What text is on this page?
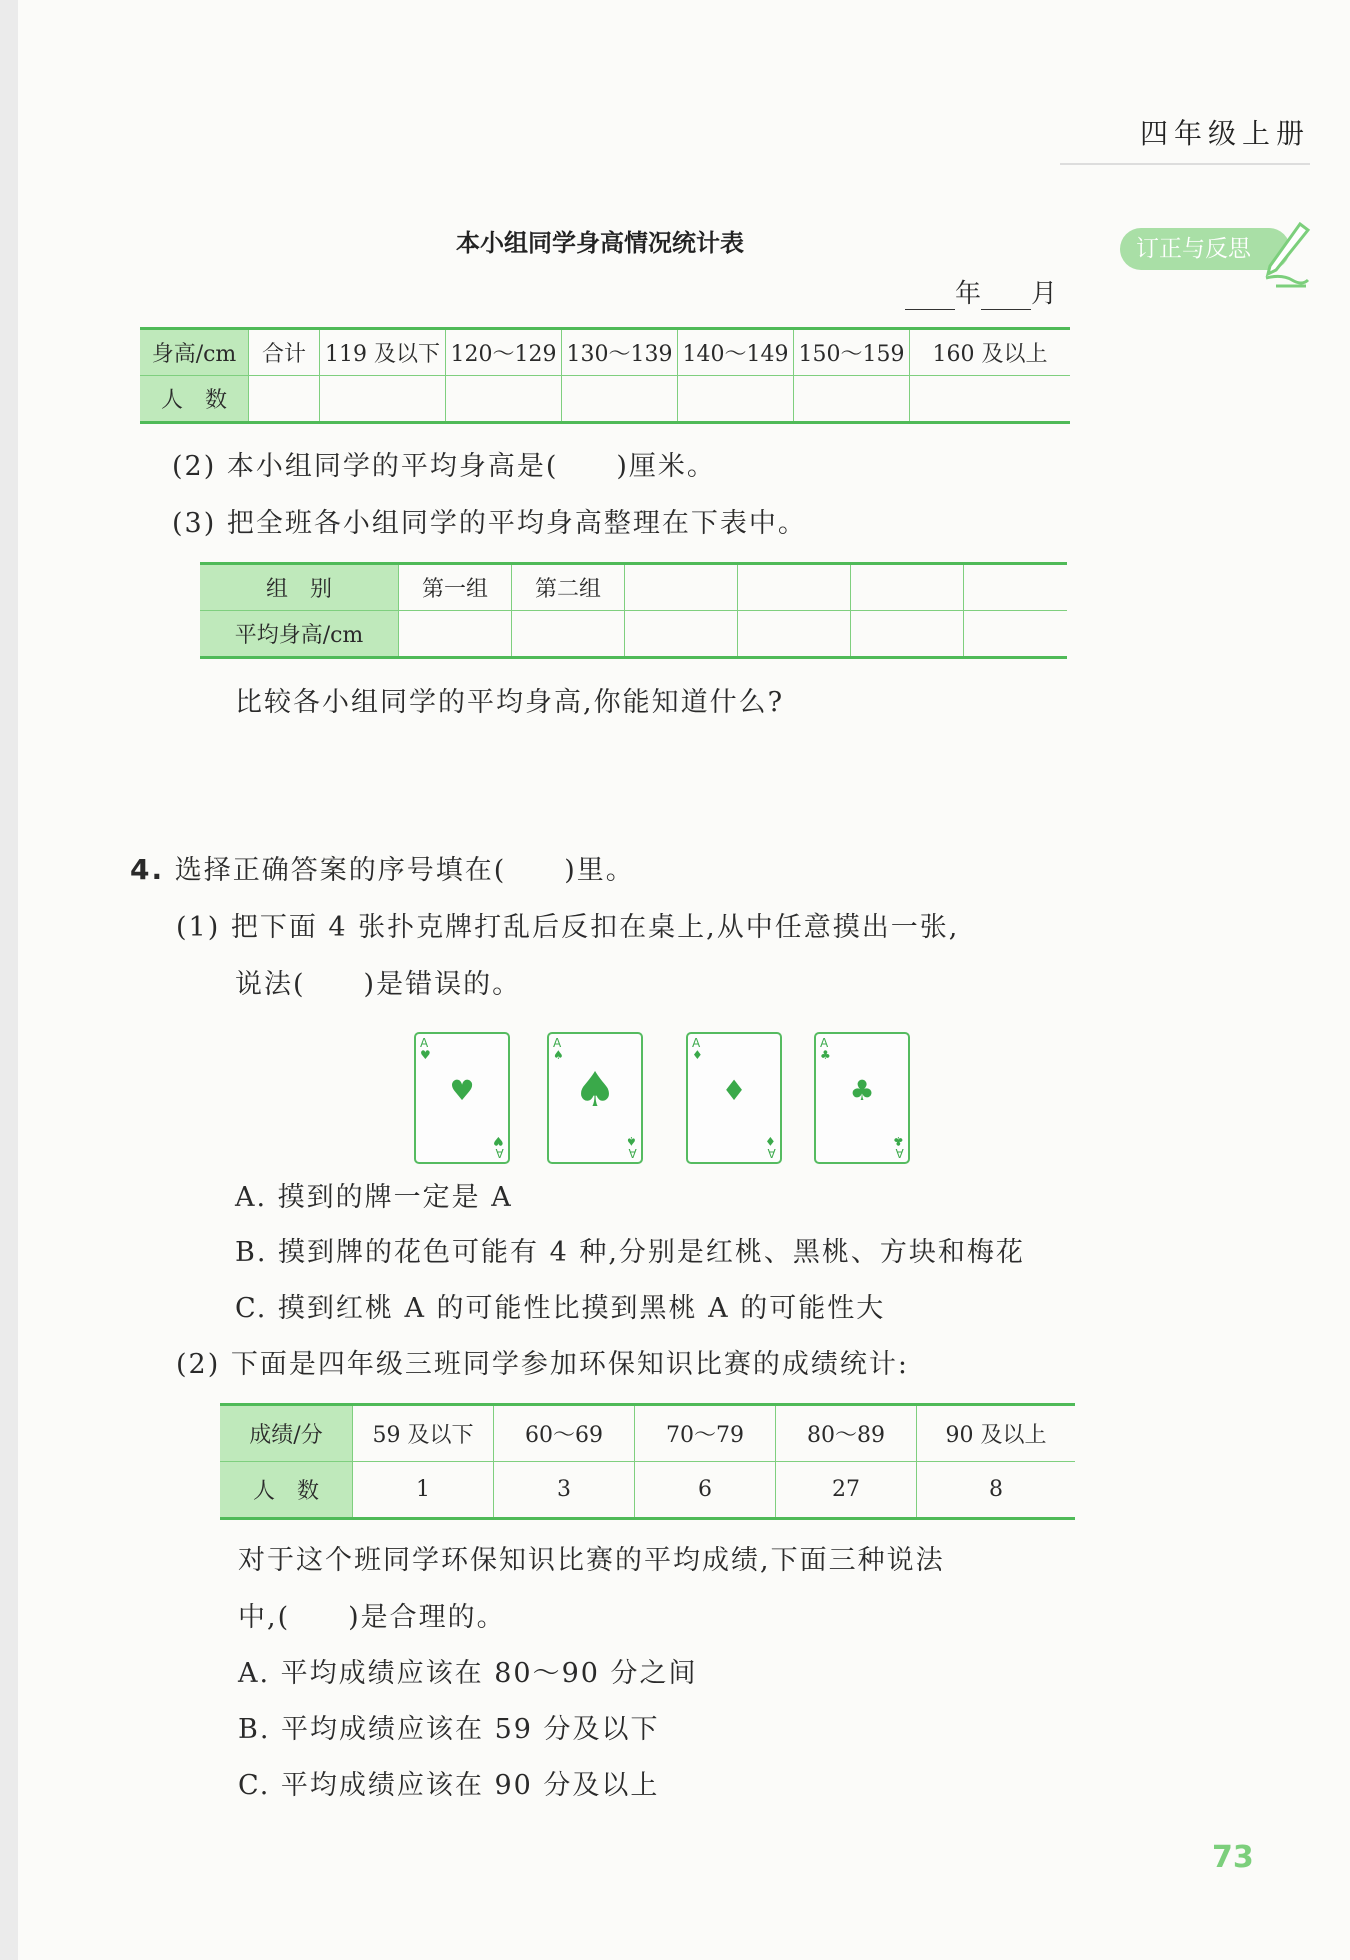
四年级上册
订正与反思
本小组同学身高情况统计表
年 月
身高/cm	合计	119 及以下	120～129	130～139	140～149	150～159	160 及以上
人　数							
(2) 本小组同学的平均身高是(　　)厘米。
(3) 把全班各小组同学的平均身高整理在下表中。
组　别	第一组	第二组				
平均身高/cm						
比较各小组同学的平均身高,你能知道什么?
4. 选择正确答案的序号填在(　　)里。
(1) 把下面 4 张扑克牌打乱后反扣在桌上,从中任意摸出一张,
说法(　　)是错误的。
A
♥
♥
A
♥
A
♠
♠
A
♠
A
♦
♦
A
♦
A
♣
♣
A
♣
A. 摸到的牌一定是 A
B. 摸到牌的花色可能有 4 种,分别是红桃、黑桃、方块和梅花
C. 摸到红桃 A 的可能性比摸到黑桃 A 的可能性大
(2) 下面是四年级三班同学参加环保知识比赛的成绩统计:
成绩/分	59 及以下	60～69	70～79	80～89	90 及以上
人　数	1	3	6	27	8
对于这个班同学环保知识比赛的平均成绩,下面三种说法
中,(　　)是合理的。
A. 平均成绩应该在 80～90 分之间
B. 平均成绩应该在 59 分及以下
C. 平均成绩应该在 90 分及以上
73
